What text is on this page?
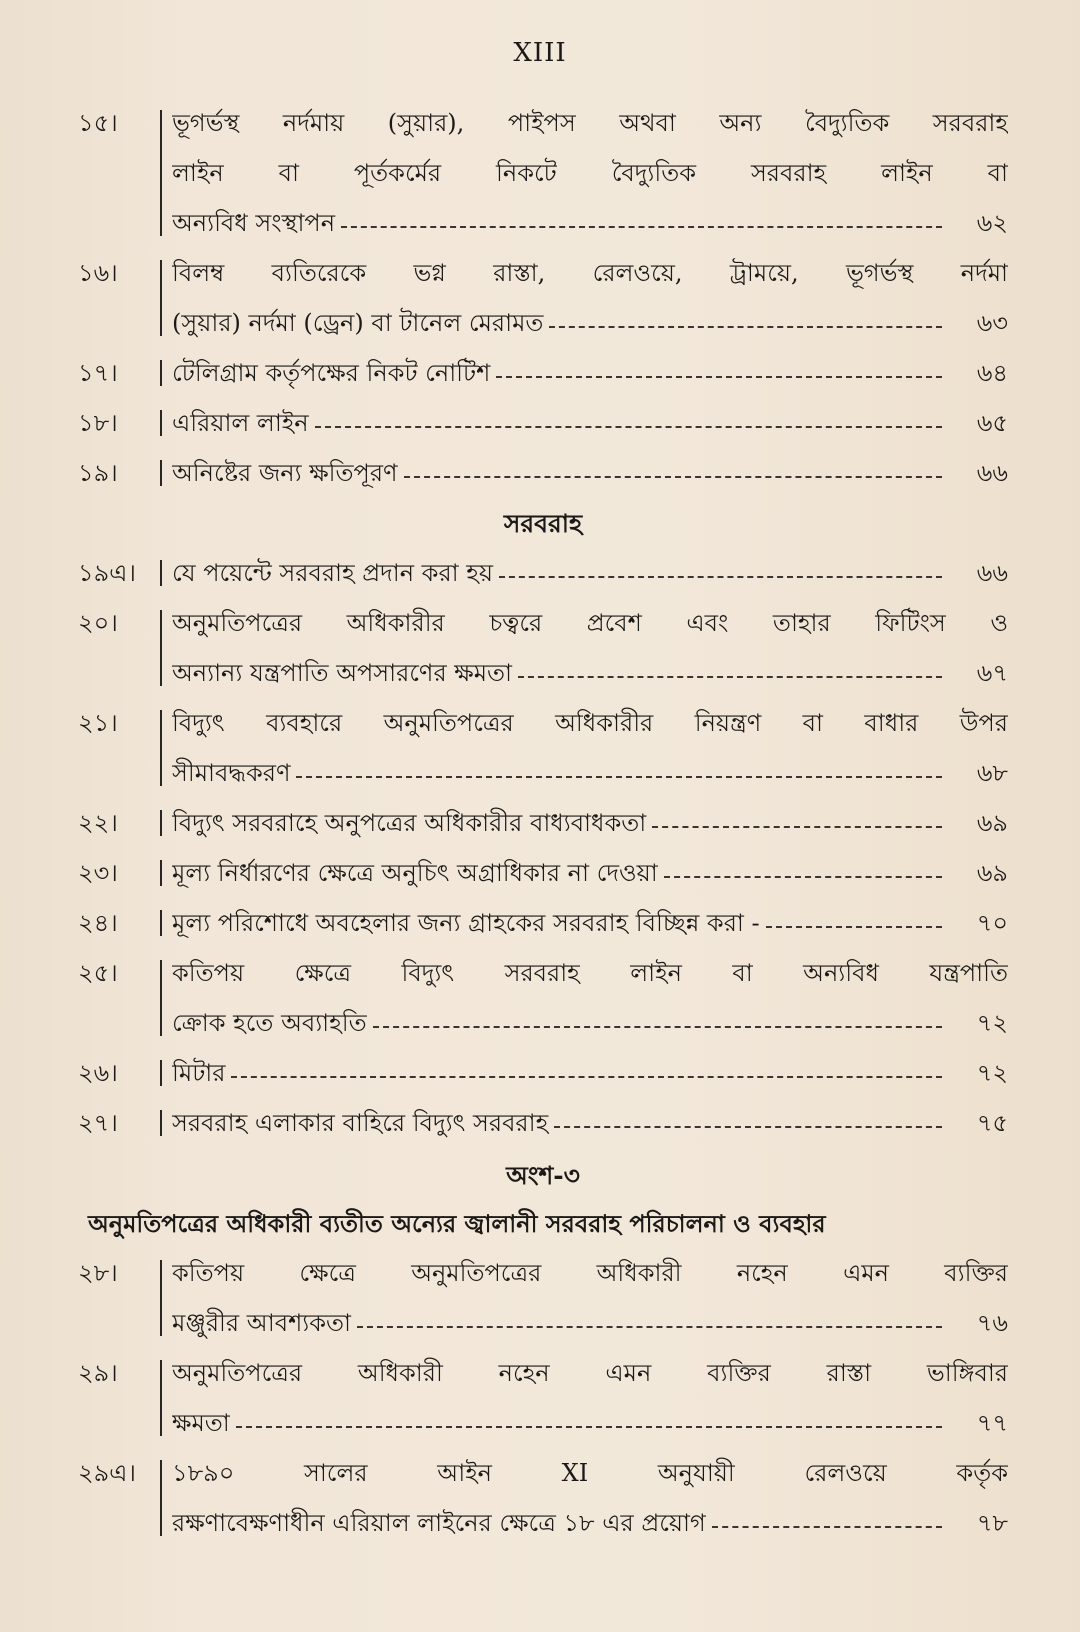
XIII
১৫।	ভূগর্ভস্থ নর্দমায় (সুয়ার), পাইপস অথবা অন্য বৈদ্যুতিক সরবরাহ
লাইন বা পূর্তকর্মের নিকটে বৈদ্যুতিক সরবরাহ লাইন বা
অন্যবিধ সংস্থাপন	৬২
১৬।	বিলম্ব ব্যতিরেকে ভগ্ন রাস্তা, রেলওয়ে, ট্রাময়ে, ভূগর্ভস্থ নর্দমা
(সুয়ার) নর্দমা (ড্রেন) বা টানেল মেরামত	৬৩
১৭।	টেলিগ্রাম কর্তৃপক্ষের নিকট নোটিশ	৬৪
১৮।	এরিয়াল লাইন	৬৫
১৯।	অনিষ্টের জন্য ক্ষতিপূরণ	৬৬
সরবরাহ
১৯এ।	যে পয়েন্টে সরবরাহ প্রদান করা হয়	৬৬
২০।	অনুমতিপত্রের অধিকারীর চত্বরে প্রবেশ এবং তাহার ফিটিংস ও
অন্যান্য যন্ত্রপাতি অপসারণের ক্ষমতা	৬৭
২১।	বিদ্যুৎ ব্যবহারে অনুমতিপত্রের অধিকারীর নিয়ন্ত্রণ বা বাধার উপর
সীমাবদ্ধকরণ	৬৮
২২।	বিদ্যুৎ সরবরাহে অনুপত্রের অধিকারীর বাধ্যবাধকতা	৬৯
২৩।	মূল্য নির্ধারণের ক্ষেত্রে অনুচিৎ অগ্রাধিকার না দেওয়া	৬৯
২৪।	মূল্য পরিশোধে অবহেলার জন্য গ্রাহকের সরবরাহ বিচ্ছিন্ন করা -	৭০
২৫।	কতিপয় ক্ষেত্রে বিদ্যুৎ সরবরাহ লাইন বা অন্যবিধ যন্ত্রপাতি
ক্রোক হতে অব্যাহতি	৭২
২৬।	মিটার	৭২
২৭।	সরবরাহ এলাকার বাহিরে বিদ্যুৎ সরবরাহ	৭৫
অংশ-৩
অনুমতিপত্রের অধিকারী ব্যতীত অন্যের জ্বালানী সরবরাহ পরিচালনা ও ব্যবহার
২৮।	কতিপয় ক্ষেত্রে অনুমতিপত্রের অধিকারী নহেন এমন ব্যক্তির
মঞ্জুরীর আবশ্যকতা	৭৬
২৯।	অনুমতিপত্রের অধিকারী নহেন এমন ব্যক্তির রাস্তা ভাঙ্গিবার
ক্ষমতা	৭৭
২৯এ।	১৮৯০ সালের আইন XI অনুযায়ী রেলওয়ে কর্তৃক
রক্ষণাবেক্ষণাধীন এরিয়াল লাইনের ক্ষেত্রে ১৮ এর প্রয়োগ	৭৮
